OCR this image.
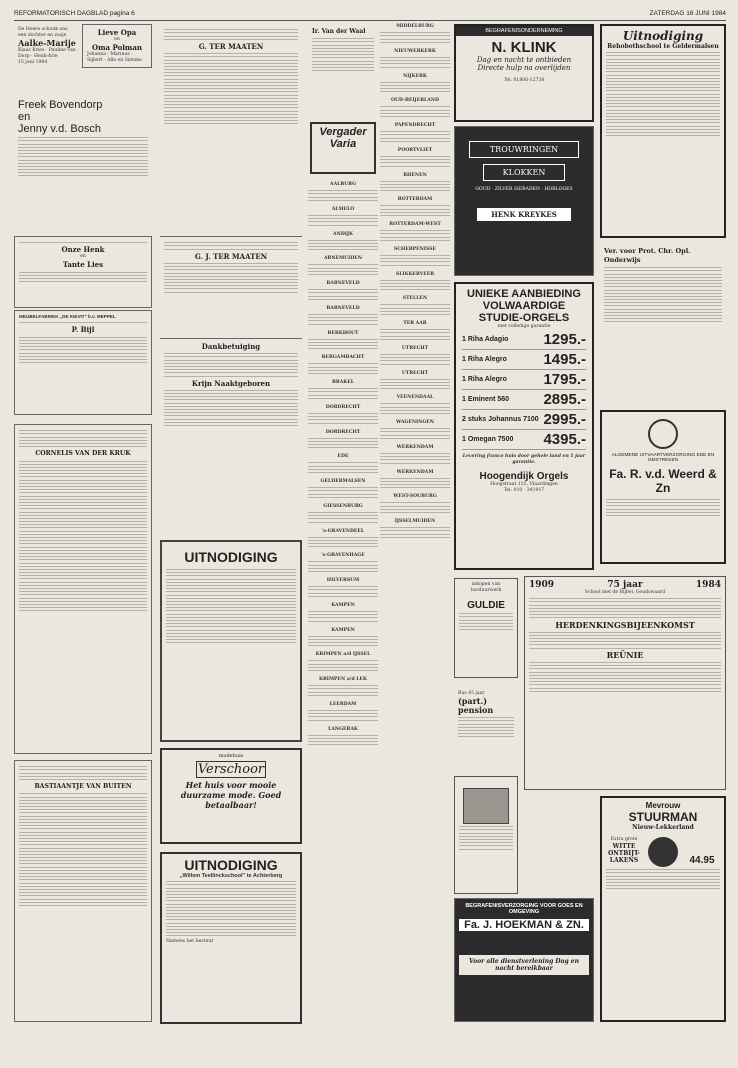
REFORMATORISCH DAGBLAD pagina 6	ZATERDAG 16 JUNI 1984
De Heere schonk ons een dochter en zusje
Aalke-Marije
Klaas Kries · Pauline van Dorp · Henk-Arie
15 juni 1984
Lieve Opa
en
Oma Polman
Johanna · Marinus · Sijbert · Alle en Sietske
Freek Bovendorp
en
Jenny v.d. Bosch
Onze Henk
en
Tante Lies
MEUBELFABRIEK „DE KIEVIT" b.v. MEPPEL
P. Bijl
CORNELIS VAN DER KRUK
BASTIAANTJE VAN BUITEN
G. TER MAATEN
G. J. TER MAATEN
Dankbetuiging
Krijn Naaktgeboren
UITNODIGING
modehuis
Verschoor
Het huis voor mooie duurzame mode. Goed betaalbaar!
UITNODIGING
„Willem Teellinckschool" te Achterberg
Namens het bestuur
Ir. Van der Waal
Vergader
Varia
AALBURG
ALMELO
ANDIJK
ARNEMUIDEN
BARNEVELD
BARNEVELD
BERKHOUT
BERGAMBACHT
BRAKEL
DORDRECHT
DORDRECHT
EDE
GELDERMALSEN
GIESSENBURG
's-GRAVENDEEL
's-GRAVENHAGE
HILVERSUM
KAMPEN
KAMPEN
KRIMPEN a/d IJSSEL
KRIMPEN a/d LEK
LEERDAM
LANGERAK
MIDDELBURG
NIEUWERKERK
NIJKERK
OUD-BEIJERLAND
PAPENDRECHT
POORTVLIET
RHENEN
ROTTERDAM
ROTTERDAM-WEST
SCHERPENISSE
SLIKKERVEER
STELLEN
TER AAR
UTRECHT
UTRECHT
VEENENDAAL
WAGENINGEN
WERKENDAM
WERKENDAM
WEST-SOUBURG
IJSSELMUIDEN
BEGRAFENISONDERNEMING
N. KLINK
Dag en nacht te ontbieden
Directe hulp na overlijden
Tel. 01806-12738
TROUWRINGEN
KLOKKEN
GOUD · ZILVER SIERADEN · HORLOGES
HENK KREYKES
UNIEKE AANBIEDING
VOLWAARDIGE
STUDIE-ORGELS
met volledige garantie
1 Riha Adagio 1295.-
1 Riha Alegro 1495.-
1 Riha Alegro 1795.-
1 Eminent 560 2895.-
2 stuks Johannus 7100 2995.-
1 Omegan 7500 4395.-
Levering franco huis door gehele land en 1 jaar garantie.
Hoogendijk Orgels
Hoogstraat 115, Vlaardingen
Tel. 010 - 341917
inkopen van
borduurwerk
GULDIE
Bus 45 jaar
(part.) pension
BEGRAFENISVERZORGING VOOR GOES EN OMGEVING
Fa. J. HOEKMAN & ZN.
Voor alle dienstverlening Dag en nacht bereikbaar
Uitnodiging
Rehobothschool te Geldermalsen
Ver. voor Prot. Chr. Opl. Onderwijs
ALGEMENE UITVAARTVERZORGING EDE EN OMSTREKEN
Fa. R. v.d. Weerd & Zn
1909	75 jaar	1984
School met de Bijbel, Goudswaard
HERDENKINGSBIJEENKOMST
REÜNIE
Mevrouw
STUURMAN
Nieuw-Lekkerland
Extra grote
WITTE ONTBIJT-LAKENS	44.95
